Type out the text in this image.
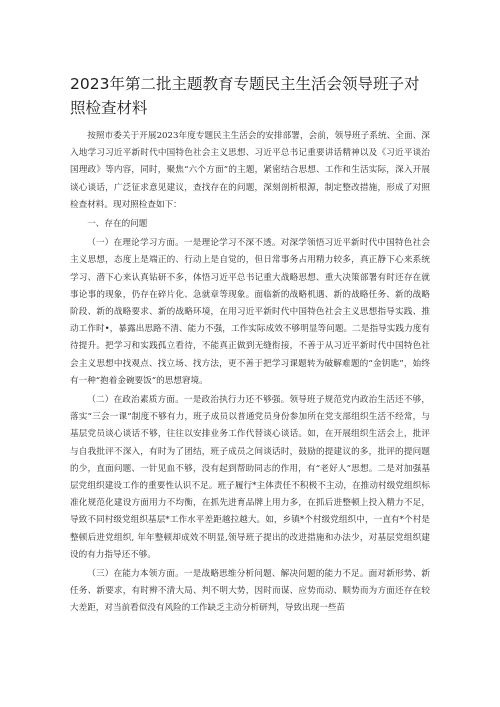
2023年第二批主题教育专题民主生活会领导班子对照检查材料

按照市委关于开展2023年度专题民主生活会的安排部署，会前，领导班子系统、全面、深入地学习习近平新时代中国特色社会主义思想、习近平总书记重要讲话精神以及《习近平谈治国理政》等内容，同时，聚焦“六个方面”的主题，紧密结合思想、工作和生活实际，深入开展谈心谈话，广泛征求意见建议，查找存在的问题，深刻剖析根源，制定整改措施，形成了对照检查材料。现对照检查如下：

一、存在的问题

（一）在理论学习方面。一是理论学习不深不透。对深学领悟习近平新时代中国特色社会主义思想，态度上是端正的、行动上是自觉的，但日常事务占用精力较多，真正静下心来系统学习、潜下心来认真钻研不多，体悟习近平总书记重大战略思想、重大决策部署有时还存在就事论事的现象，仍存在碎片化、急就章等现象。面临新的战略机遇、新的战略任务、新的战略阶段、新的战略要求、新的战略环境，在用习近平新时代中国特色社会主义思想指导实践、推动工作时•，暴露出思路不清、能力不强，工作实际成效不够明显等问题。二是指导实践力度有待提升。把学习和实践孤立看待，不能真正做到无缝衔接，不善于从习近平新时代中国特色社会主义思想中找观点、找立场、找方法，更不善于把学习课题转为破解难题的“金钥匙”，始终有一种“抱着金碗要饭”的思想窘境。

（二）在政治素质方面。一是政治执行力还不够强。领导班子规范党内政治生活还不够，落实“三会一课”制度不够有力，班子成员以普通党员身份参加所在党支部组织生活不经常，与基层党员谈心谈话不够，往往以安排业务工作代替谈心谈话。如，在开展组织生活会上，批评与自我批评不深入，有时为了团结，班子成员之间谈话时，鼓励的提建议的多，批评的提问题的少，直面问题、一针见血不够，没有起到帮助同志的作用，有“老好人”思想。二是对加强基层党组织建设工作的重要性认识不足。班子履行*主体责任不积极不主动，在推动村级党组织标准化规范化建设方面用力不均衡，在抓先进育品牌上用力多，在抓后进整顿上投入精力不足，导致不同村级党组织基层*工作水平差距越拉越大。如，乡镇*个村级党组织中，一直有*个村是整顿后进党组织, 年年整顿却成效不明显,领导班子提出的改进措施和办法少，对基层党组织建设的有力指导还不够。

（三）在能力本领方面。一是战略思维分析问题、解决问题的能力不足。面对新形势、新任务、新要求，有时辨不清大局、判不明大势，因时而谋、应势而动、顺势而为方面还存在较大差距，对当前看似没有风险的工作缺乏主动分析研判，导致出现一些苗
